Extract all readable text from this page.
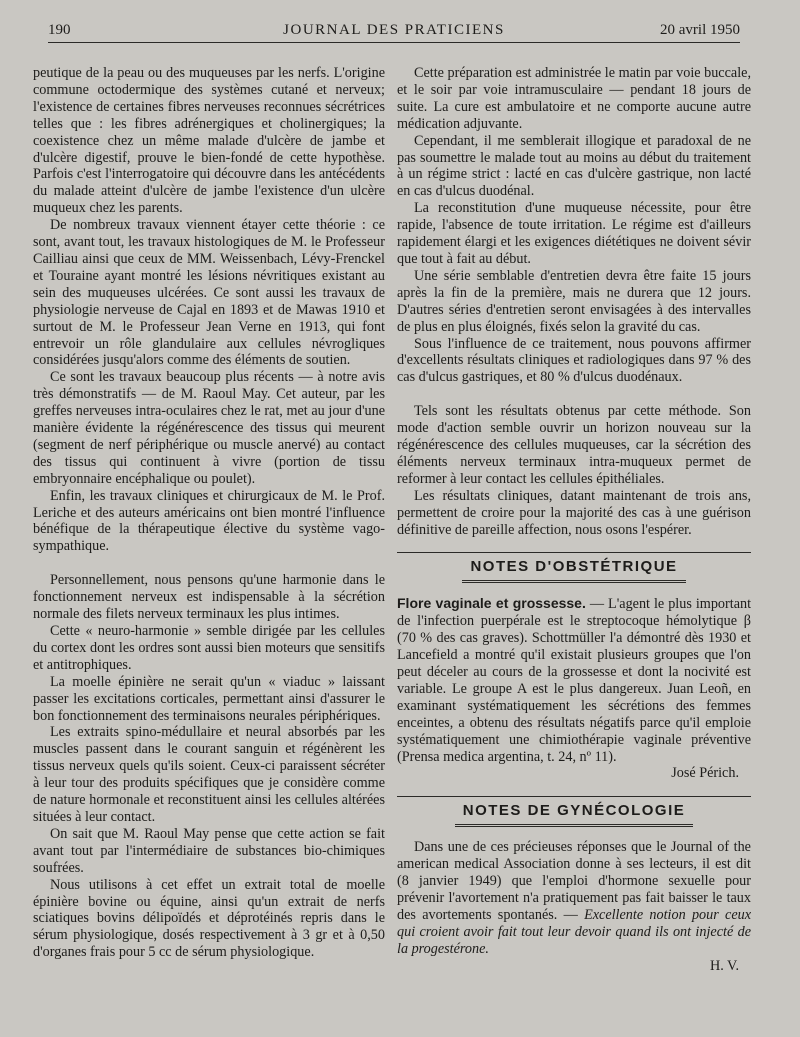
190	JOURNAL DES PRATICIENS	20 avril 1950

peutique de la peau ou des muqueuses par les nerfs. L'origine commune octodermique des systèmes cutané et nerveux; l'existence de certaines fibres nerveuses reconnues sécrétrices telles que : les fibres adrénergiques et cholinergiques; la coexistence chez un même malade d'ulcère de jambe et d'ulcère digestif, prouve le bien-fondé de cette hypothèse. Parfois c'est l'interrogatoire qui découvre dans les antécédents du malade atteint d'ulcère de jambe l'existence d'un ulcère muqueux chez les parents.

De nombreux travaux viennent étayer cette théorie : ce sont, avant tout, les travaux histologiques de M. le Professeur Cailliau ainsi que ceux de MM. Weissenbach, Lévy-Frenckel et Touraine ayant montré les lésions névritiques existant au sein des muqueuses ulcérées. Ce sont aussi les travaux de physiologie nerveuse de Cajal en 1893 et de Mawas 1910 et surtout de M. le Professeur Jean Verne en 1913, qui font entrevoir un rôle glandulaire aux cellules névrogliques considérées jusqu'alors comme des éléments de soutien.

Ce sont les travaux beaucoup plus récents — à notre avis très démonstratifs — de M. Raoul May. Cet auteur, par les greffes nerveuses intra-oculaires chez le rat, met au jour d'une manière évidente la régénérescence des tissus qui meurent (segment de nerf périphérique ou muscle anervé) au contact des tissus qui continuent à vivre (portion de tissu embryonnaire encéphalique ou poulet).

Enfin, les travaux cliniques et chirurgicaux de M. le Prof. Leriche et des auteurs américains ont bien montré l'influence bénéfique de la thérapeutique élective du système vago-sympathique.

Personnellement, nous pensons qu'une harmonie dans le fonctionnement nerveux est indispensable à la sécrétion normale des filets nerveux terminaux les plus intimes.

Cette « neuro-harmonie » semble dirigée par les cellules du cortex dont les ordres sont aussi bien moteurs que sensitifs et antitrophiques.

La moelle épinière ne serait qu'un « viaduc » laissant passer les excitations corticales, permettant ainsi d'assurer le bon fonctionnement des terminaisons neurales périphériques.

Les extraits spino-médullaire et neural absorbés par les muscles passent dans le courant sanguin et régénèrent les tissus nerveux quels qu'ils soient. Ceux-ci paraissent sécréter à leur tour des produits spécifiques que je considère comme de nature hormonale et reconstituent ainsi les cellules altérées situées à leur contact.

On sait que M. Raoul May pense que cette action se fait avant tout par l'intermédiaire de substances bio-chimiques soufrées.

Nous utilisons à cet effet un extrait total de moelle épinière bovine ou équine, ainsi qu'un extrait de nerfs sciatiques bovins délipoïdés et déprotéinés repris dans le sérum physiologique, dosés respectivement à 3 gr et à 0,50 d'organes frais pour 5 cc de sérum physiologique.

Cette préparation est administrée le matin par voie buccale, et le soir par voie intramusculaire — pendant 18 jours de suite. La cure est ambulatoire et ne comporte aucune autre médication adjuvante.

Cependant, il me semblerait illogique et paradoxal de ne pas soumettre le malade tout au moins au début du traitement à un régime strict : lacté en cas d'ulcère gastrique, non lacté en cas d'ulcus duodénal.

La reconstitution d'une muqueuse nécessite, pour être rapide, l'absence de toute irritation. Le régime est d'ailleurs rapidement élargi et les exigences diététiques ne doivent sévir que tout à fait au début.

Une série semblable d'entretien devra être faite 15 jours après la fin de la première, mais ne durera que 12 jours. D'autres séries d'entretien seront envisagées à des intervalles de plus en plus éloignés, fixés selon la gravité du cas.

Sous l'influence de ce traitement, nous pouvons affirmer d'excellents résultats cliniques et radiologiques dans 97 % des cas d'ulcus gastriques, et 80 % d'ulcus duodénaux.

Tels sont les résultats obtenus par cette méthode. Son mode d'action semble ouvrir un horizon nouveau sur la régénérescence des cellules muqueuses, car la sécrétion des éléments nerveux terminaux intra-muqueux permet de reformer à leur contact les cellules épithéliales.

Les résultats cliniques, datant maintenant de trois ans, permettent de croire pour la majorité des cas à une guérison définitive de pareille affection, nous osons l'espérer.

NOTES D'OBSTÉTRIQUE

Flore vaginale et grossesse. — L'agent le plus important de l'infection puerpérale est le streptocoque hémolytique β (70 % des cas graves). Schottmüller l'a démontré dès 1930 et Lancefield a montré qu'il existait plusieurs groupes que l'on peut déceler au cours de la grossesse et dont la nocivité est variable. Le groupe A est le plus dangereux. Juan Leoñ, en examinant systématiquement les sécrétions des femmes enceintes, a obtenu des résultats négatifs parce qu'il emploie systématiquement une chimiothérapie vaginale préventive (Prensa medica argentina, t. 24, nº 11).

José Périch.

NOTES DE GYNÉCOLOGIE

Dans une de ces précieuses réponses que le Journal of the american medical Association donne à ses lecteurs, il est dit (8 janvier 1949) que l'emploi d'hormone sexuelle pour prévenir l'avortement n'a pratiquement pas fait baisser le taux des avortements spontanés. — Excellente notion pour ceux qui croient avoir fait tout leur devoir quand ils ont injecté de la progestérone.

H. V.
